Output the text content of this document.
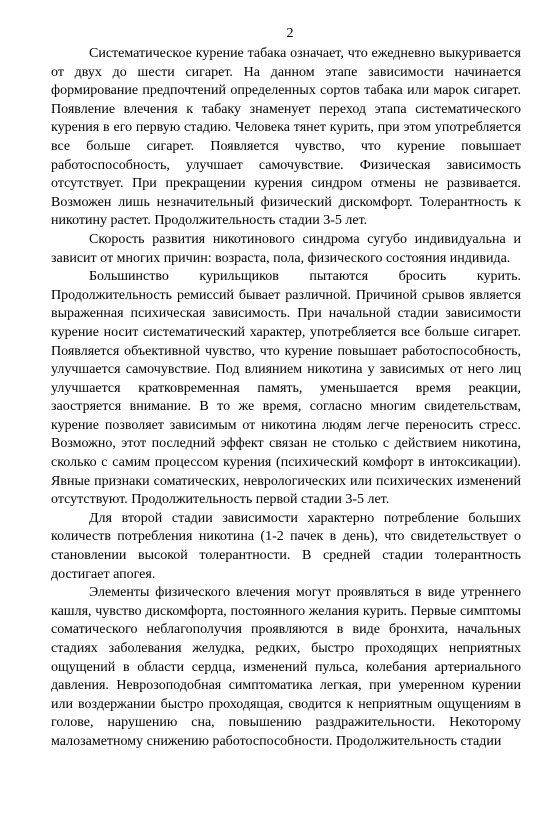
2

Систематическое курение табака означает, что ежедневно выкуривается от двух до шести сигарет. На данном этапе зависимости начинается формирование предпочтений определенных сортов табака или марок сигарет. Появление влечения к табаку знаменует переход этапа систематического курения в его первую стадию. Человека тянет курить, при этом употребляется все больше сигарет. Появляется чувство, что курение повышает работоспособность, улучшает самочувствие. Физическая зависимость отсутствует. При прекращении курения синдром отмены не развивается. Возможен лишь незначительный физический дискомфорт. Толерантность к никотину растет. Продолжительность стадии 3-5 лет.

Скорость развития никотинового синдрома сугубо индивидуальна и зависит от многих причин: возраста, пола, физического состояния индивида.

Большинство курильщиков пытаются бросить курить. Продолжительность ремиссий бывает различной. Причиной срывов является выраженная психическая зависимость. При начальной стадии зависимости курение носит систематический характер, употребляется все больше сигарет. Появляется объективной чувство, что курение повышает работоспособность, улучшается самочувствие. Под влиянием никотина у зависимых от него лиц улучшается кратковременная память, уменьшается время реакции, заостряется внимание. В то же время, согласно многим свидетельствам, курение позволяет зависимым от никотина людям легче переносить стресс. Возможно, этот последний эффект связан не столько с действием никотина, сколько с самим процессом курения (психический комфорт в интоксикации). Явные признаки соматических, неврологических или психических изменений отсутствуют. Продолжительность первой стадии 3-5 лет.

Для второй стадии зависимости характерно потребление больших количеств потребления никотина (1-2 пачек в день), что свидетельствует о становлении высокой толерантности. В средней стадии толерантность достигает апогея.

Элементы физического влечения могут проявляться в виде утреннего кашля, чувство дискомфорта, постоянного желания курить. Первые симптомы соматического неблагополучия проявляются в виде бронхита, начальных стадиях заболевания желудка, редких, быстро проходящих неприятных ощущений в области сердца, изменений пульса, колебания артериального давления. Неврозоподобная симптоматика легкая, при умеренном курении или воздержании быстро проходящая, сводится к неприятным ощущениям в голове, нарушению сна, повышению раздражительности. Некоторому малозаметному снижению работоспособности. Продолжительность стадии
